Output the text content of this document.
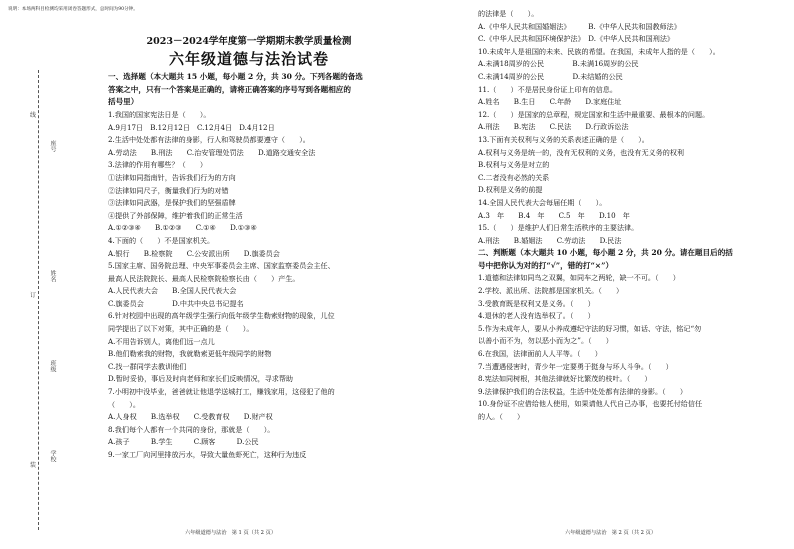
说明：本场两科目检测均采用闭卷答题形式，总时间为90分钟。
线
订
装
座号
姓名
班级
学校
2023－2024学年度第一学期期末教学质量检测
六年级道德与法治试卷

一、选择题（本大题共 15 小题，每小题 2 分，共 30 分。下列各题的备选

答案之中，只有一个答案是正确的，请将正确答案的序号写到各题相应的

括号里）

1.我国的国家宪法日是（　　）。

A.9月17日　B.12月12日　C.12月4日　D.4月12日

2.生活中处处都有法律的身影，行人和驾驶员都要遵守（　　）。

A.劳动法　　B.刑法　　C.治安管理处罚法　　D.道路交通安全法

3.法律的作用有哪些？（　　）

①法律如同指南针，告诉我们行为的方向

②法律如同尺子，衡量我们行为的对错

③法律如同武器，是保护我们的坚强盾牌

④提供了外部保障，维护着我们的正常生活

A.①②③④　　B.①②③　　C.①④　　D.①③④

4.下面的（　　）不是国家机关。

A.银行　　B.检察院　　C.公安派出所　　D.旗委员会

5.国家主席、国务院总理、中央军事委员会主席、国家监察委员会主任、

最高人民法院院长、最高人民检察院检察长由（　　）产生。

A.人民代表大会　　B.全国人民代表大会

C.旗委员会　　　　D.中共中央总书记提名

6.针对校园中出现的高年级学生强行向低年级学生勒索财物的现象，儿位

同学提出了以下对策，其中正确的是（　　）。

A.不用告诉别人，离他们远一点儿

B.他们勒索我的财物，我就勒索更低年级同学的财物

C.找一群同学去教训他们

D.暂时妥协，事后及时向老师和家长们反映情况，寻求帮助

7.小明初中没毕业，爸爸就让他退学送城打工，赚钱家用，这侵犯了他的

（　　）。

A.人身权　　B.选举权　　C.受教育权　　D.财产权

8.我们每个人都有一个共同的身份，那就是（　　）。

A.孩子　　　B.学生　　　C.顾客　　　D.公民

9.一家工厂向河里排放污水，导致大量鱼虾死亡，这种行为违反

的法律是（　　）。

A.《中华人民共和国婚姻法》　　　B.《中华人民共和国教师法》

C.《中华人民共和国环境保护法》　D.《中华人民共和国刑法》

10.未成年人是祖国的未来、民族的希望。在我国，未成年人指的是（　　）。

A.未满18周岁的公民　　　　B.未满16周岁的公民

C.未满14周岁的公民　　　　D.未结婚的公民

11.（　　）不是居民身份证上印有的信息。

A.姓名　　B.生日　　C.年龄　　D.家庭住址

12.（　　）是国家的总章程，规定国家和生活中最重要、最根本的问题。

A.刑法　　B.宪法　　C.民法　　D.行政诉讼法

13.下面有关权利与义务的关系表述正确的是（　　）。

A.权利与义务是统一的，没有无权利的义务，也没有无义务的权利

B.权利与义务是对立的

C.二者没有必然的关系

D.权利是义务的前提

14.全国人民代表大会每届任期（　　）。

A.3　年　　B.4　年　　C.5　年　　D.10　年

15.（　　）是维护人们日常生活秩序的主要法律。

A.刑法　　B.婚姻法　　C.劳动法　　D.民法

二、判断题（本大题共 10 小题，每小题 2 分，共 20 分。请在题目后的括

号中把你认为对的打“√”，错的打“×”）

1.道德和法律如同鸟之双翼，如同车之两轮，缺一不可。（　　）

2.学校、派出所、法院都是国家机关。（　　）

3.受教育既是权利又是义务。（　　）

4.退休的老人没有选举权了。（　　）

5.作为未成年人，要从小养成遵纪守法的好习惯，如话、守法，铭记“勿

以善小而不为，勿以恶小而为之”。（　　）

6.在我国，法律面前人人平等。（　　）

7.当遭遇侵害时，青少年一定要勇于挺身与坏人斗争。（　　）

8.宪法如同树根，其他法律就好比繁茂的枝叶。（　　）

9.法律保护我们的合法权益，生活中处处都有法律的身影。（　　）

10.身份证不应借给他人使用，如果请他人代自己办事，也要托付给信任

的人。（　　）

六年级道德与法治　第 1 页（共 2 页）	六年级道德与法治　第 2 页（共 2 页）
